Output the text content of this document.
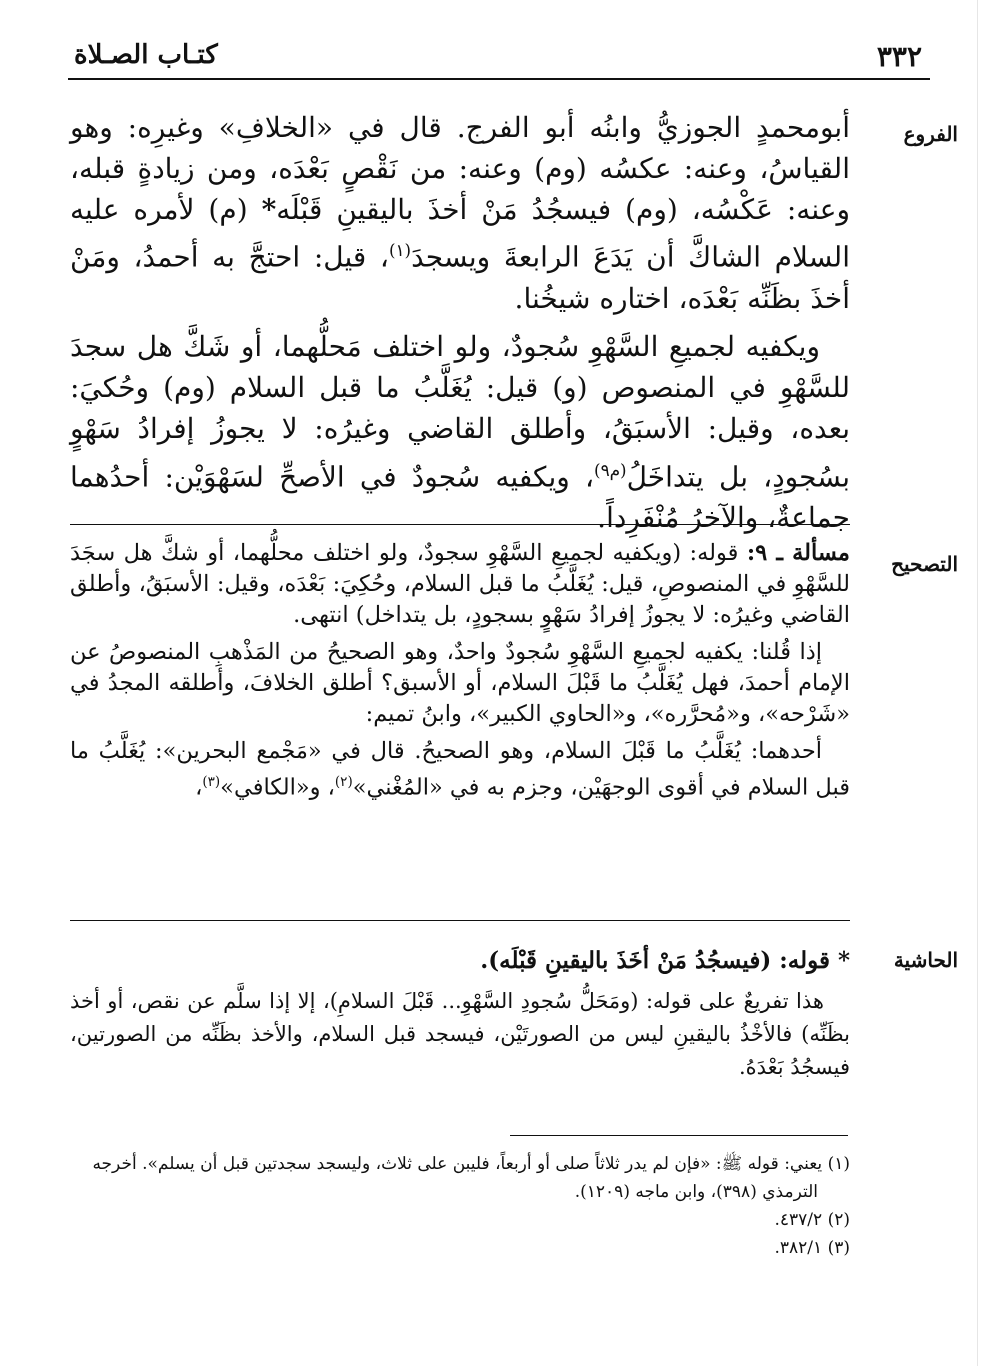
٣٣٢
كتـاب الصـلاة
الفروع

أبومحمدٍ الجوزيُّ وابنُه أبو الفرج. قال في «الخلافِ» وغيرِه: وهو القياسُ، وعنه: عكسُه (وم) وعنه: من نَقْصٍ بَعْدَه، ومن زيادةٍ قبله، وعنه: عَكْسُه، (وم) فيسجُدُ مَنْ أخذَ باليقينِ قَبْلَه* (م) لأمره عليه السلام الشاكَّ أن يَدَعَ الرابعةَ ويسجدَ$^{(١)}$، قيل: احتجَّ به أحمدُ، ومَنْ أخذَ بظَنِّه بَعْدَه، اختاره شيخُنا.

ويكفيه لجميعِ السَّهْوِ سُجودٌ، ولو اختلف مَحلُّهما، أو شَكَّ هل سجدَ للسَّهْوِ في المنصوص (و) قيل: يُغَلَّبُ ما قبل السلام (وم) وحُكيَ: بعده، وقيل: الأسبَقُ، وأطلق القاضي وغيرُه: لا يجوزُ إفرادُ سَهْوٍ بسُجودٍ، بل يتداخَلُ$^{(م٩)}$، ويكفيه سُجودٌ في الأصحِّ لسَهْوَيْن: أحدُهما جماعةٌ، والآخرُ مُنْفَرِداً.

التصحيح

مسألة ـ ٩: قوله: (ويكفيه لجميعِ السَّهْوِ سجودٌ، ولو اختلف محلُّهما، أو شكَّ هل سجَدَ للسَّهْوِ في المنصوصِ، قيل: يُغَلَّبُ ما قبل السلام، وحُكِيَ: بَعْدَه، وقيل: الأسبَقُ، وأطلق القاضي وغيرُه: لا يجوزُ إفرادُ سَهْوٍ بسجودٍ، بل يتداخل) انتهى.

إذا قُلنا: يكفيه لجميعِ السَّهْوِ سُجودٌ واحدٌ، وهو الصحيحُ من المَذْهبِ المنصوصُ عن الإمام أحمدَ، فهل يُغَلَّبُ ما قَبْلَ السلام، أو الأسبق؟ أطلق الخلافَ، وأطلقه المجدُ في «شَرْحه»، و«مُحرَّره»، و«الحاوي الكبير»، وابنُ تميم:

أحدهما: يُغَلَّبُ ما قَبْلَ السلام، وهو الصحيحُ. قال في «مَجْمع البحرين»: يُغَلَّبُ ما قبل السلام في أقوى الوجهَيْن، وجزم به في «المُغْني»$^{(٢)}$، و«الكافي»$^{(٣)}$،

الحاشية

* قوله: (فيسجُدُ مَنْ أخَذَ باليقينِ قَبْلَه).

هذا تفريعٌ على قوله: (ومَحَلُّ سُجودِ السَّهْوِ... قَبْلَ السلامِ)، إلا إذا سلَّم عن نقص، أو أخذ بظَنِّه) فالأخْذُ باليقينِ ليس من الصورتَيْن، فيسجد قبل السلام، والأخذ بظَنِّه من الصورتين، فيسجُدُ بَعْدَهُ.

(١) يعني: قوله ﷺ: «فإن لم يدر ثلاثاً صلى أو أربعاً، فليبن على ثلاث، وليسجد سجدتين قبل أن يسلم». أخرجه

الترمذي (٣٩٨)، وابن ماجه (١٢٠٩).

(٢) ٤٣٧/٢.

(٣) ٣٨٢/١.
